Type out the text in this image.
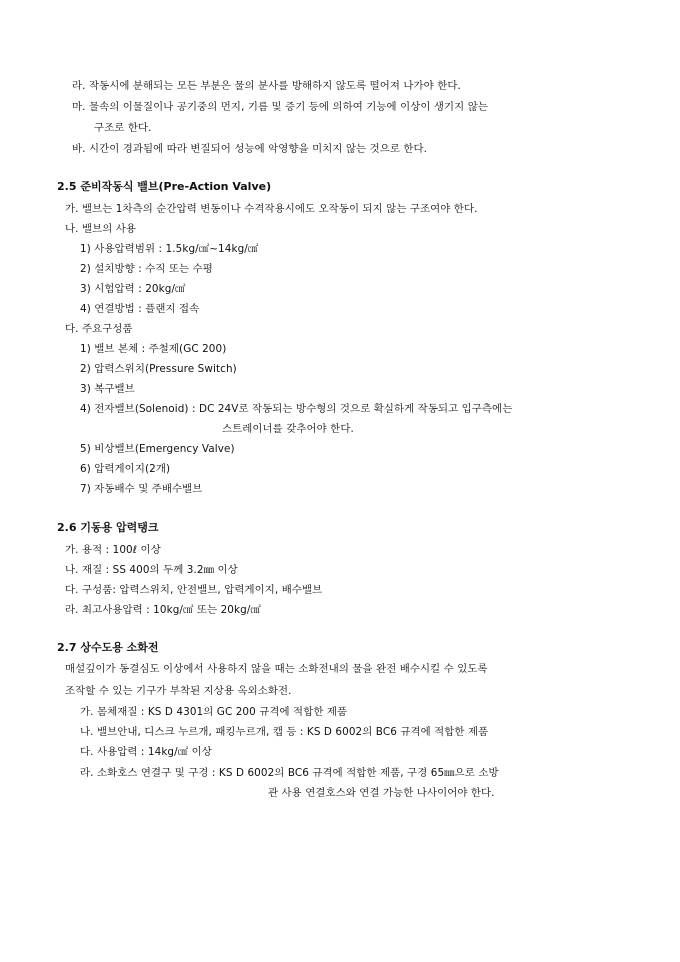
라. 작동시에 분해되는 모든 부분은 물의 분사를 방해하지 않도록 떨어져 나가야 한다.
마. 물속의 이물질이나 공기중의 먼지, 기름 및 증기 등에 의하여 기능에 이상이 생기지 않는
구조로 한다.
바. 시간이 경과됨에 따라 변질되어 성능에 악영향을 미치지 않는 것으로 한다.
2.5 준비작동식 밸브(Pre-Action Valve)
가. 밸브는 1차측의 순간압력 변동이나 수격작용시에도 오작동이 되지 않는 구조여야 한다.
나. 밸브의 사용
1) 사용압력범위 : 1.5kg/㎠~14kg/㎠
2) 설치방향 : 수직 또는 수평
3) 시험압력 : 20kg/㎠
4) 연결방법 : 플랜지 접속
다. 주요구성품
1) 밸브 본체 : 주철제(GC 200)
2) 압력스위치(Pressure Switch)
3) 복구밸브
4) 전자밸브(Solenoid) : DC 24V로 작동되는 방수형의 것으로 확실하게 작동되고 입구측에는
스트레이너를 갖추어야 한다.
5) 비상밸브(Emergency Valve)
6) 압력게이지(2개)
7) 자동배수 및 주배수밸브
2.6 기동용 압력탱크
가. 용적 : 100ℓ 이상
나. 재질 : SS 400의 두께 3.2㎜ 이상
다. 구성품: 압력스위치, 안전밸브, 압력게이지, 배수밸브
라. 최고사용압력 : 10kg/㎠ 또는 20kg/㎠
2.7 상수도용 소화전
매설깊이가 동결심도 이상에서 사용하지 않을 때는 소화전내의 물을 완전 배수시킬 수 있도록
조작할 수 있는 기구가 부착된 지상용 옥외소화전.
가. 몸체재질 : KS D 4301의 GC 200 규격에 적합한 제품
나. 밸브안내, 디스크 누르개, 패킹누르개, 캡 등 : KS D 6002의 BC6 규격에 적합한 제품
다. 사용압력 : 14kg/㎠ 이상
라. 소화호스 연결구 및 구경 : KS D 6002의 BC6 규격에 적합한 제품, 구경 65㎜으로 소방
관 사용 연결호스와 연결 가능한 나사이어야 한다.
